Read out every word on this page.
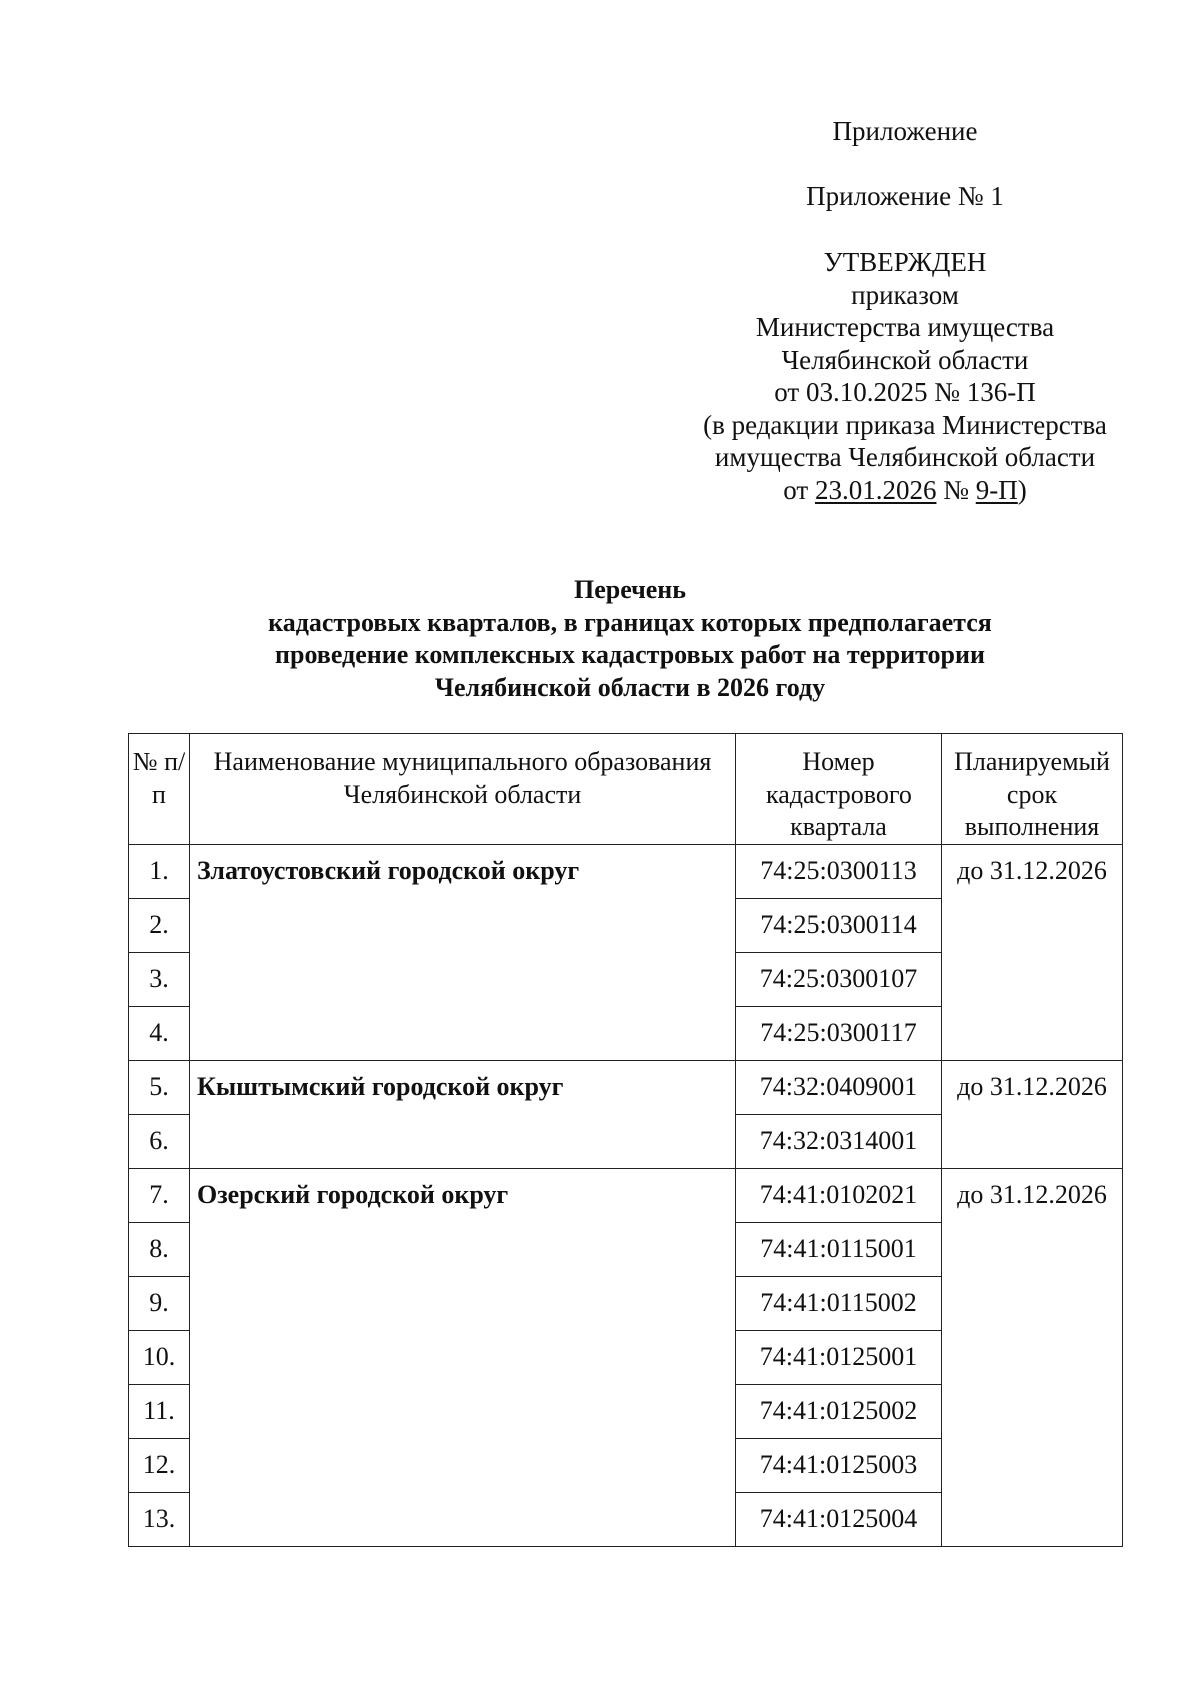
Приложение
Приложение № 1
УТВЕРЖДЕН
приказом
Министерства имущества
Челябинской области
от 03.10.2025 № 136-П
(в редакции приказа Министерства
имущества Челябинской области
от 23.01.2026 № 9-П)
Перечень
кадастровых кварталов, в границах которых предполагается
проведение комплексных кадастровых работ на территории
Челябинской области в 2026 году
№ п/п	Наименование муниципального образования Челябинской области	Номер кадастрового квартала	Планируемый срок выполнения
1.	Златоустовский городской округ	74:25:0300113	до 31.12.2026
2.		74:25:0300114	
3.		74:25:0300107	
4.		74:25:0300117	
5.	Кыштымский городской округ	74:32:0409001	до 31.12.2026
6.		74:32:0314001	
7.	Озерский городской округ	74:41:0102021	до 31.12.2026
8.		74:41:0115001	
9.		74:41:0115002	
10.		74:41:0125001	
11.		74:41:0125002	
12.		74:41:0125003	
13.		74:41:0125004	
